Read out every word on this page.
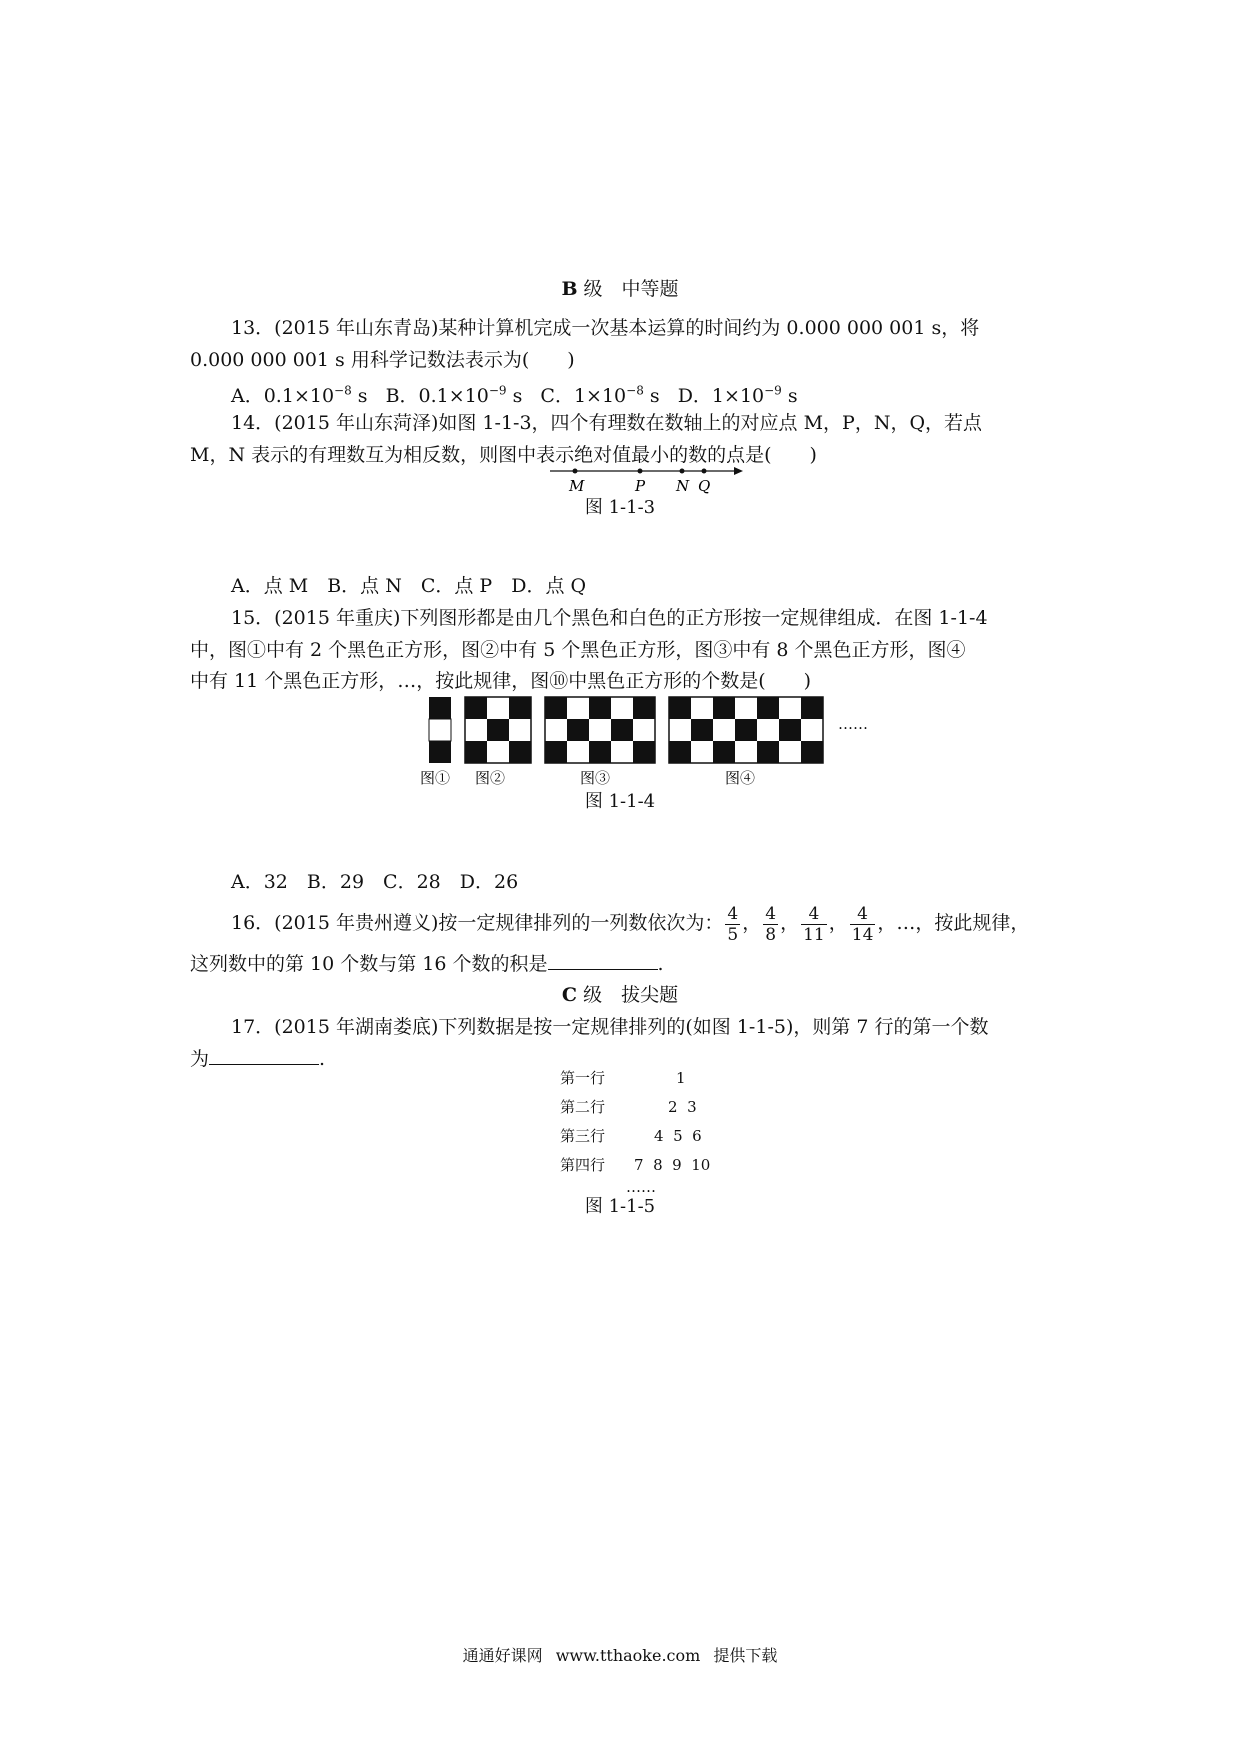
B 级　中等题
13．(2015 年山东青岛)某种计算机完成一次基本运算的时间约为 0.000 000 001 s，将
0.000 000 001 s 用科学记数法表示为(　　)
A．$0.1\times 10^{-8}$ s B．$0.1\times 10^{-9}$ s C．$1\times 10^{-8}$ s D．$1\times 10^{-9}$ s
14．(2015 年山东菏泽)如图 1-1-3，四个有理数在数轴上的对应点 M，P，N，Q，若点
M，N 表示的有理数互为相反数，则图中表示绝对值最小的数的点是(　　)
M	P N Q
图 1-1-3
A．点 M　B．点 N　C．点 P　D．点 Q
15．(2015 年重庆)下列图形都是由几个黑色和白色的正方形按一定规律组成．在图 1-1-4
中，图①中有 2 个黑色正方形，图②中有 5 个黑色正方形，图③中有 8 个黑色正方形，图④
中有 11 个黑色正方形，…，按此规律，图⑩中黑色正方形的个数是(　　)
图① 图②	图③	图④
……
图 1-1-4
A．32　B．29　C．28　D．26
16．(2015 年贵州遵义)按一定规律排列的一列数依次为： $\frac{4}{5}$ ， $\frac{4}{8}$ ， $\frac{4}{11}$ ， $\frac{4}{14}$ ，…，按此规律，
这列数中的第 10 个数与第 16 个数的积是	.
C 级　拔尖题
17．(2015 年湖南娄底)下列数据是按一定规律排列的(如图 1-1-5)，则第 7 行的第一个数
为	.
第一行	1
第二行	2  3
第三行	4  5  6
第四行 7  8  9  10
……
图 1-1-5
通通好课网 www.tthaoke.com 提供下载
